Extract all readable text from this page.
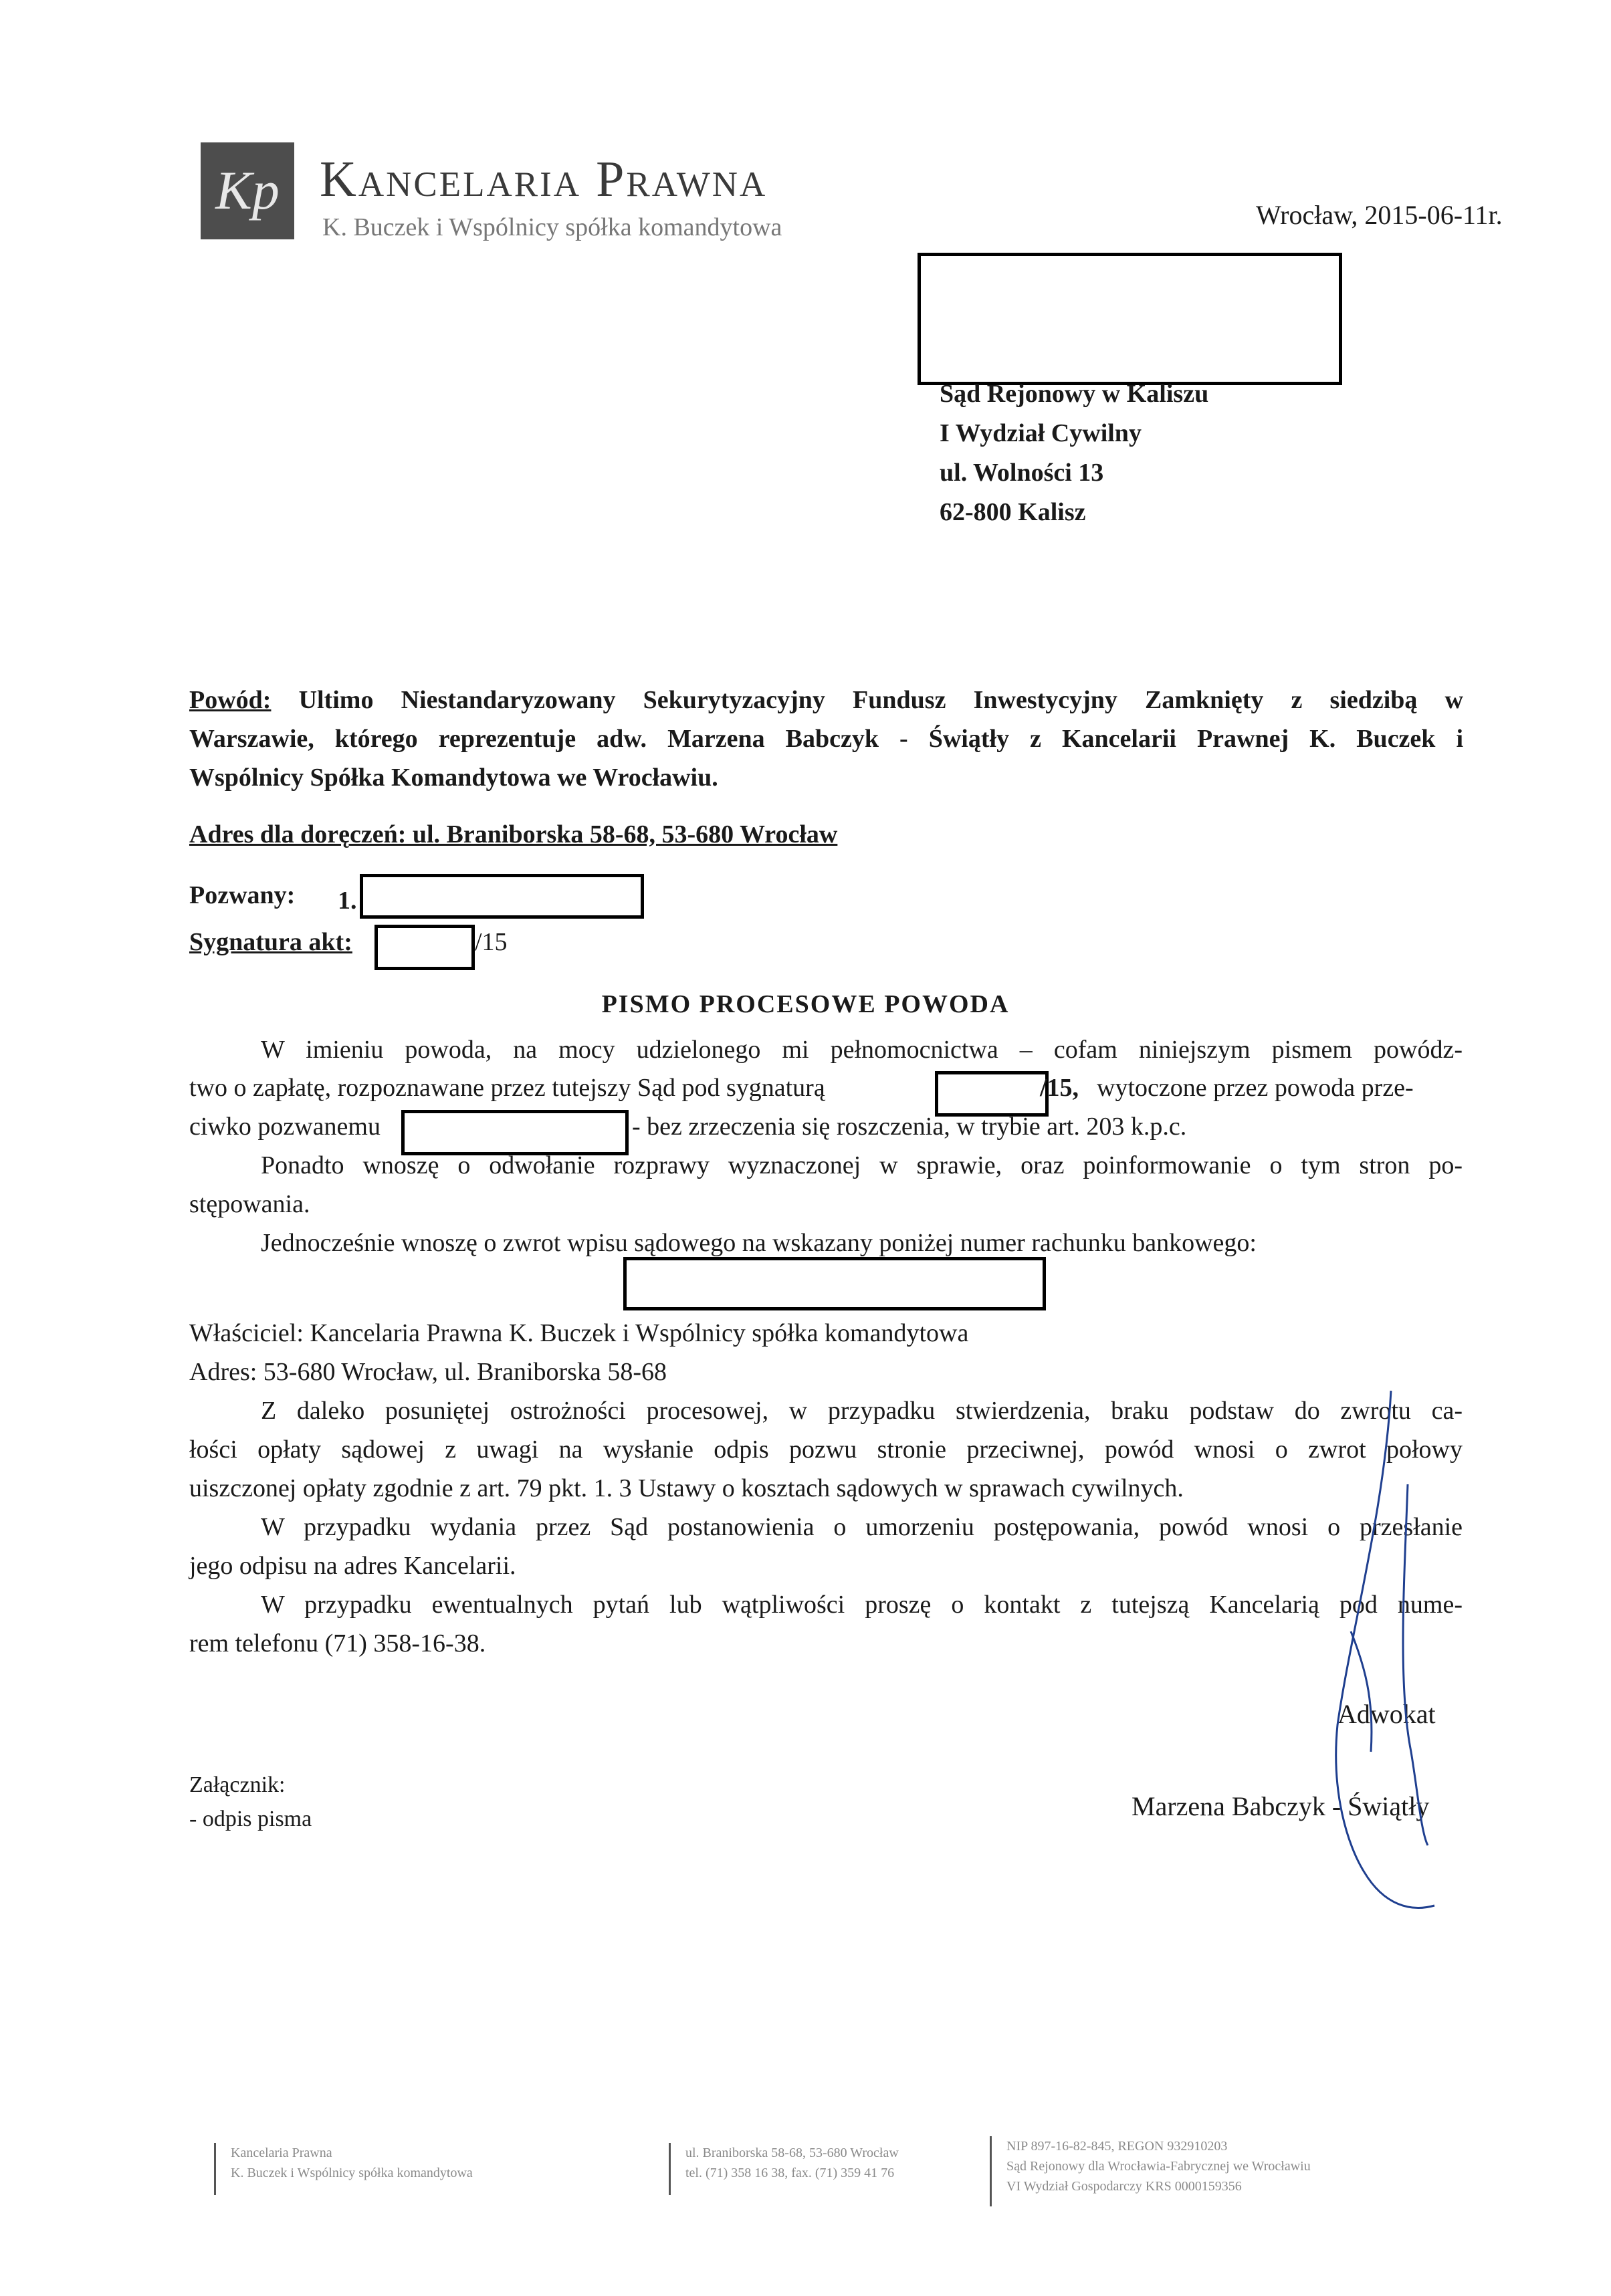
Kp Kancelaria Prawna
K. Buczek i Wspólnicy spółka komandytowa	Wrocław, 2015-06-11r.
Sąd Rejonowy w Kaliszu
I Wydział Cywilny
ul. Wolności 13
62-800 Kalisz
Powód: Ultimo Niestandaryzowany Sekurytyzacyjny Fundusz Inwestycyjny Zamknięty z siedzibą w
Warszawie, którego reprezentuje adw. Marzena Babczyk - Świątły z Kancelarii Prawnej K. Buczek i
Wspólnicy Spółka Komandytowa we Wrocławiu.
Adres dla doręczeń: ul. Braniborska 58-68, 53-680 Wrocław
Pozwany: 1.
Sygnatura akt:	/15
PISMO PROCESOWE POWODA
W imieniu powoda, na mocy udzielonego mi pełnomocnictwa – cofam niniejszym pismem powódz-
two o zapłatę, rozpoznawane przez tutejszy Sąd pod sygnaturą	/15, wytoczone przez powoda prze-
ciwko pozwanemu	- bez zrzeczenia się roszczenia, w trybie art. 203 k.p.c.
Ponadto wnoszę o odwołanie rozprawy wyznaczonej w sprawie, oraz poinformowanie o tym stron po-
stępowania.
Jednocześnie wnoszę o zwrot wpisu sądowego na wskazany poniżej numer rachunku bankowego:
Właściciel: Kancelaria Prawna K. Buczek i Wspólnicy spółka komandytowa
Adres: 53-680 Wrocław, ul. Braniborska 58-68
Z daleko posuniętej ostrożności procesowej, w przypadku stwierdzenia, braku podstaw do zwrotu ca-
łości opłaty sądowej z uwagi na wysłanie odpis pozwu stronie przeciwnej, powód wnosi o zwrot połowy
uiszczonej opłaty zgodnie z art. 79 pkt. 1. 3 Ustawy o kosztach sądowych w sprawach cywilnych.
W przypadku wydania przez Sąd postanowienia o umorzeniu postępowania, powód wnosi o przesłanie
jego odpisu na adres Kancelarii.
W przypadku ewentualnych pytań lub wątpliwości proszę o kontakt z tutejszą Kancelarią pod nume-
rem telefonu (71) 358-16-38.
Adwokat
Marzena Babczyk - Świątły
Załącznik:
- odpis pisma
Kancelaria Prawna
K. Buczek i Wspólnicy spółka komandytowa
ul. Braniborska 58-68, 53-680 Wrocław
tel. (71) 358 16 38, fax. (71) 359 41 76
NIP 897-16-82-845, REGON 932910203
Sąd Rejonowy dla Wrocławia-Fabrycznej we Wrocławiu
VI Wydział Gospodarczy KRS 0000159356
